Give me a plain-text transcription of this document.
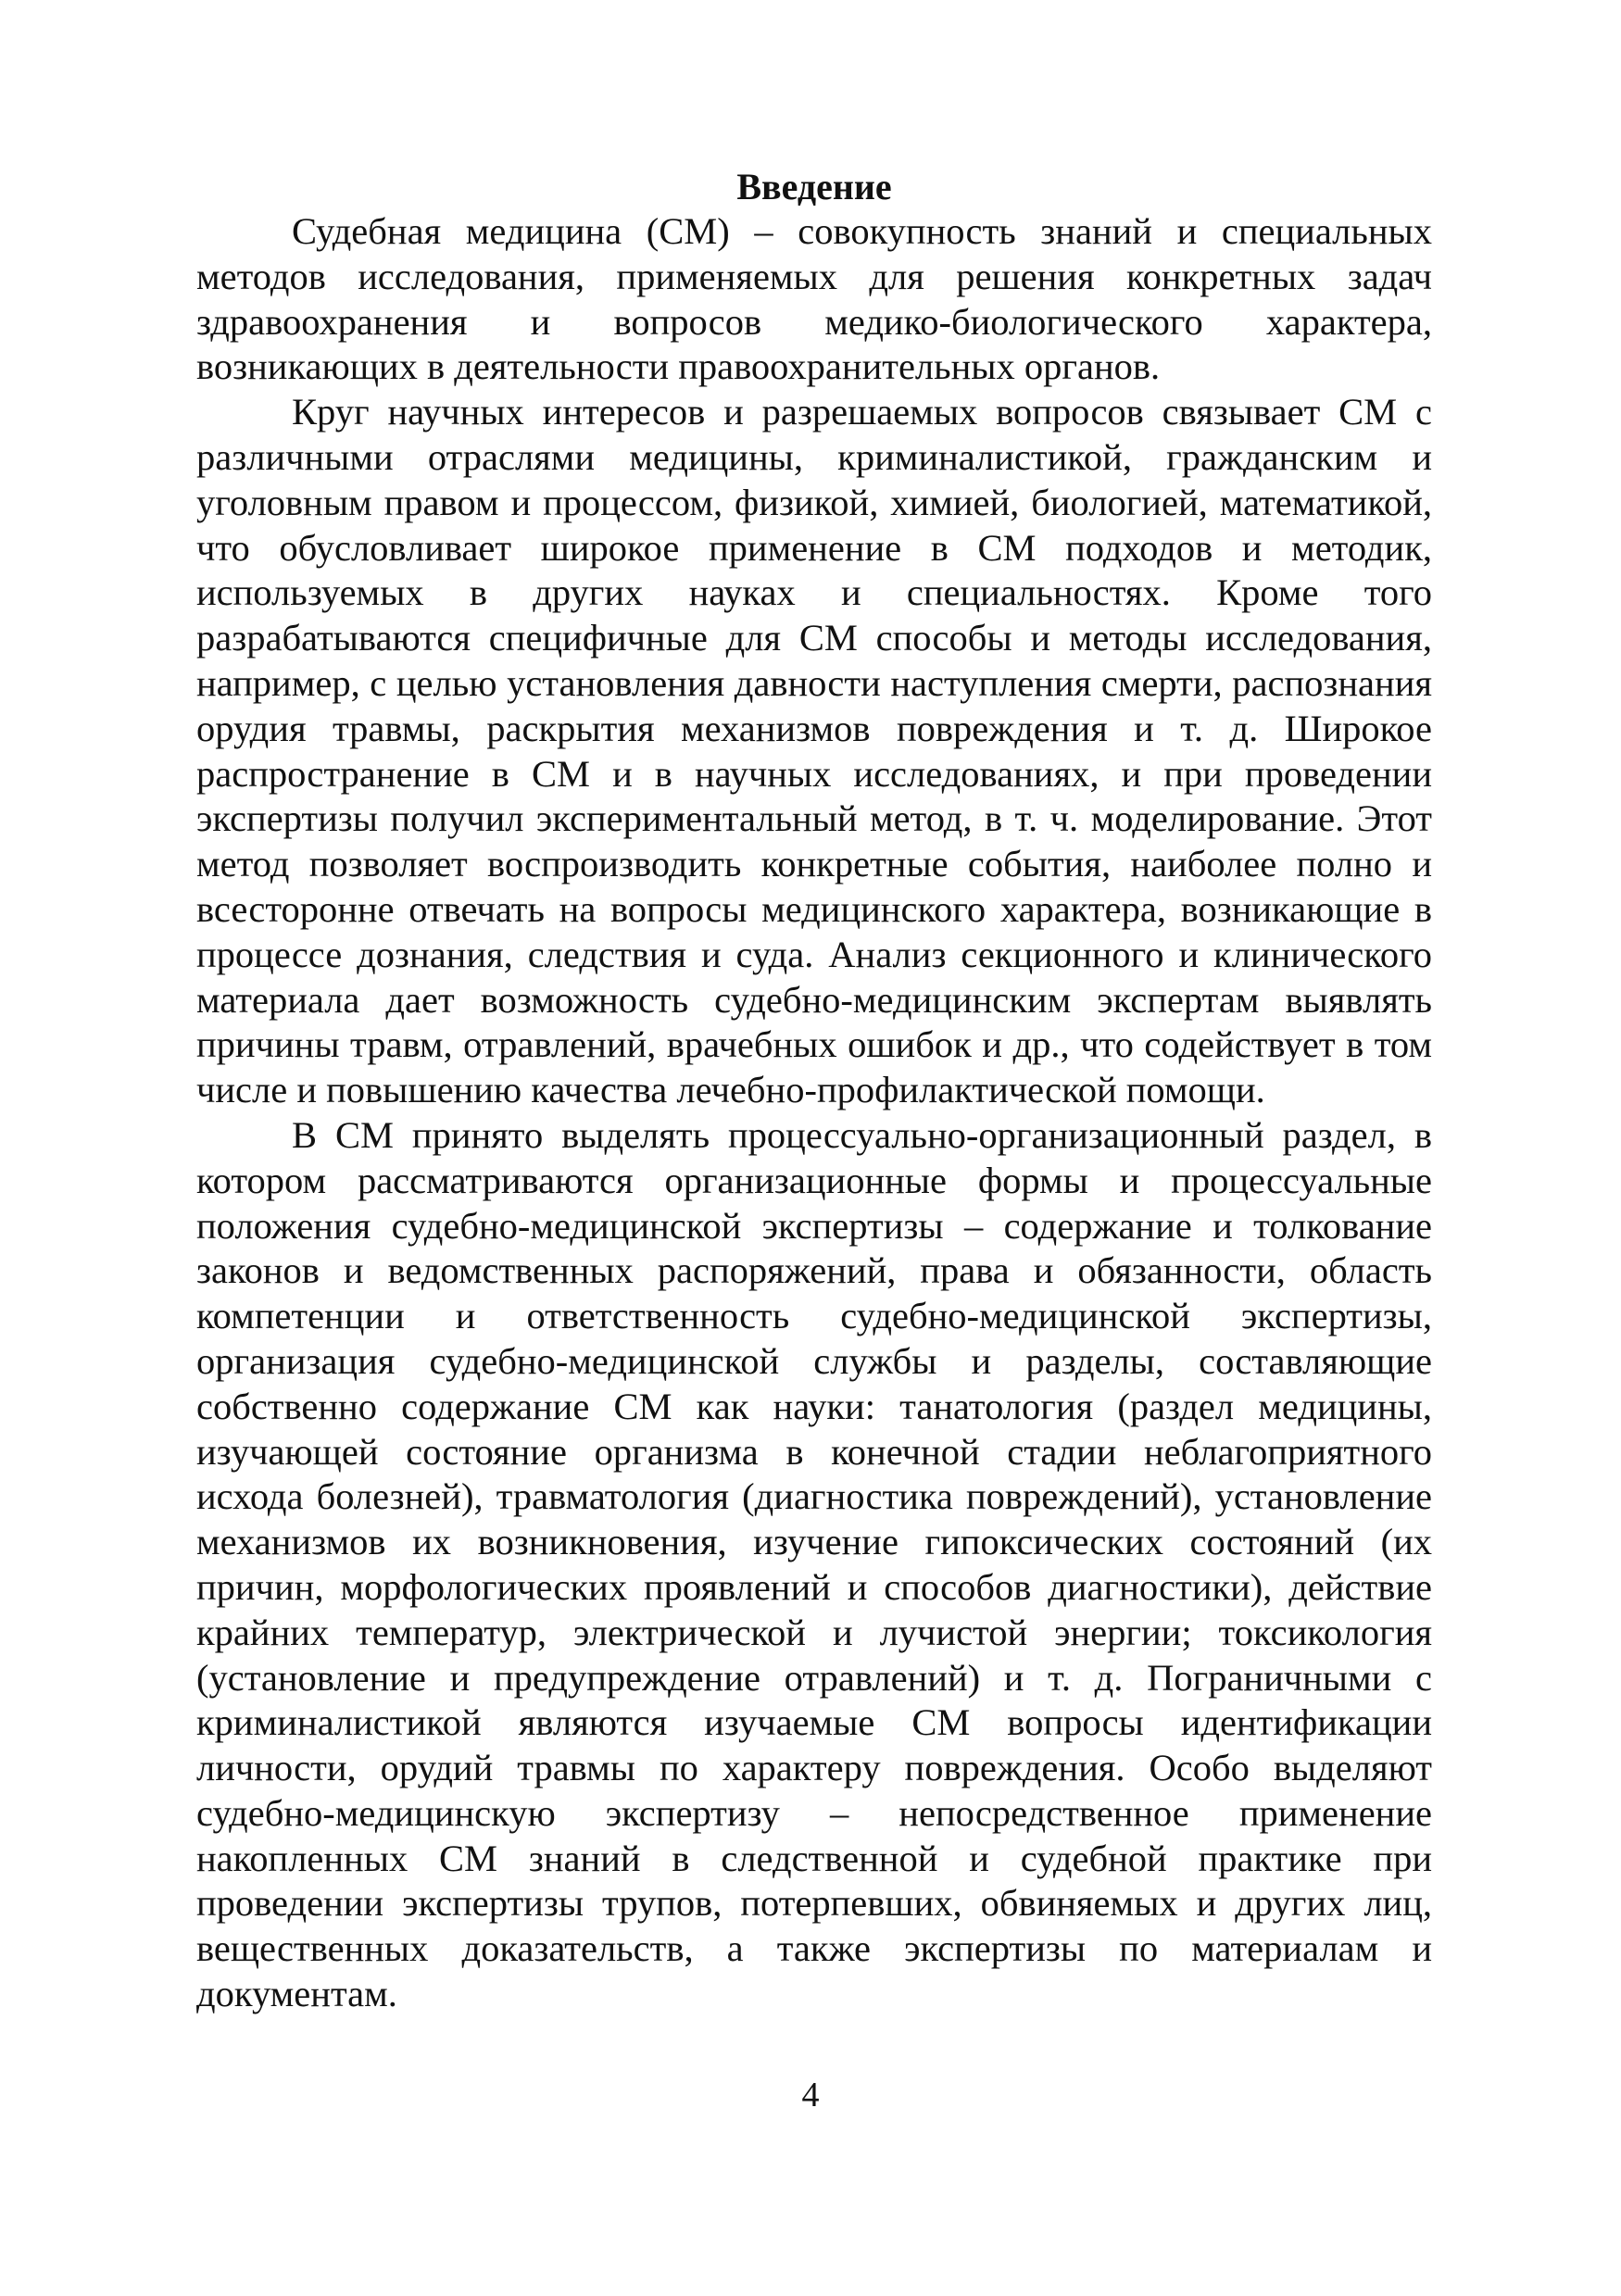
Введение

Судебная медицина (СМ) – совокупность знаний и специальных методов исследования, применяемых для решения конкретных задач здравоохранения и вопросов медико-биологического характера, возникающих в деятельности правоохранительных органов.

Круг научных интересов и разрешаемых вопросов связывает СМ с различными отраслями медицины, криминалистикой, гражданским и уголовным правом и процессом, физикой, химией, биологией, математикой, что обусловливает широкое применение в СМ подходов и методик, используемых в других науках и специальностях. Кроме того разрабатываются специфичные для СМ способы и методы исследования, например, с целью установления давности наступления смерти, распознания орудия травмы, раскрытия механизмов повреждения и т. д. Широкое распространение в СМ и в научных исследованиях, и при проведении экспертизы получил экспериментальный метод, в т. ч. моделирование. Этот метод позволяет воспроизводить конкретные события, наиболее полно и всесторонне отвечать на вопросы медицинского характера, возникающие в процессе дознания, следствия и суда. Анализ секционного и клинического материала дает возможность судебно-медицинским экспертам выявлять причины травм, отравлений, врачебных ошибок и др., что содействует в том числе и повышению качества лечебно-профилактической помощи.

В СМ принято выделять процессуально-организационный раздел, в котором рассматриваются организационные формы и процессуальные положения судебно-медицинской экспертизы – содержание и толкование законов и ведомственных распоряжений, права и обязанности, область компетенции и ответственность судебно-медицинской экспертизы, организация судебно-медицинской службы и разделы, составляющие собственно содержание СМ как науки: танатология (раздел медицины, изучающей состояние организма в конечной стадии неблагоприятного исхода болезней), травматология (диагностика повреждений), установление механизмов их возникновения, изучение гипоксических состояний (их причин, морфологических проявлений и способов диагностики), действие крайних температур, электрической и лучистой энергии; токсикология (установление и предупреждение отравлений) и т. д. Пограничными с криминалистикой являются изучаемые СМ вопросы идентификации личности, орудий травмы по характеру повреждения. Особо выделяют судебно-медицинскую экспертизу – непосредственное применение накопленных СМ знаний в следственной и судебной практике при проведении экспертизы трупов, потерпевших, обвиняемых и других лиц, вещественных доказательств, а также экспертизы по материалам и документам.

4
